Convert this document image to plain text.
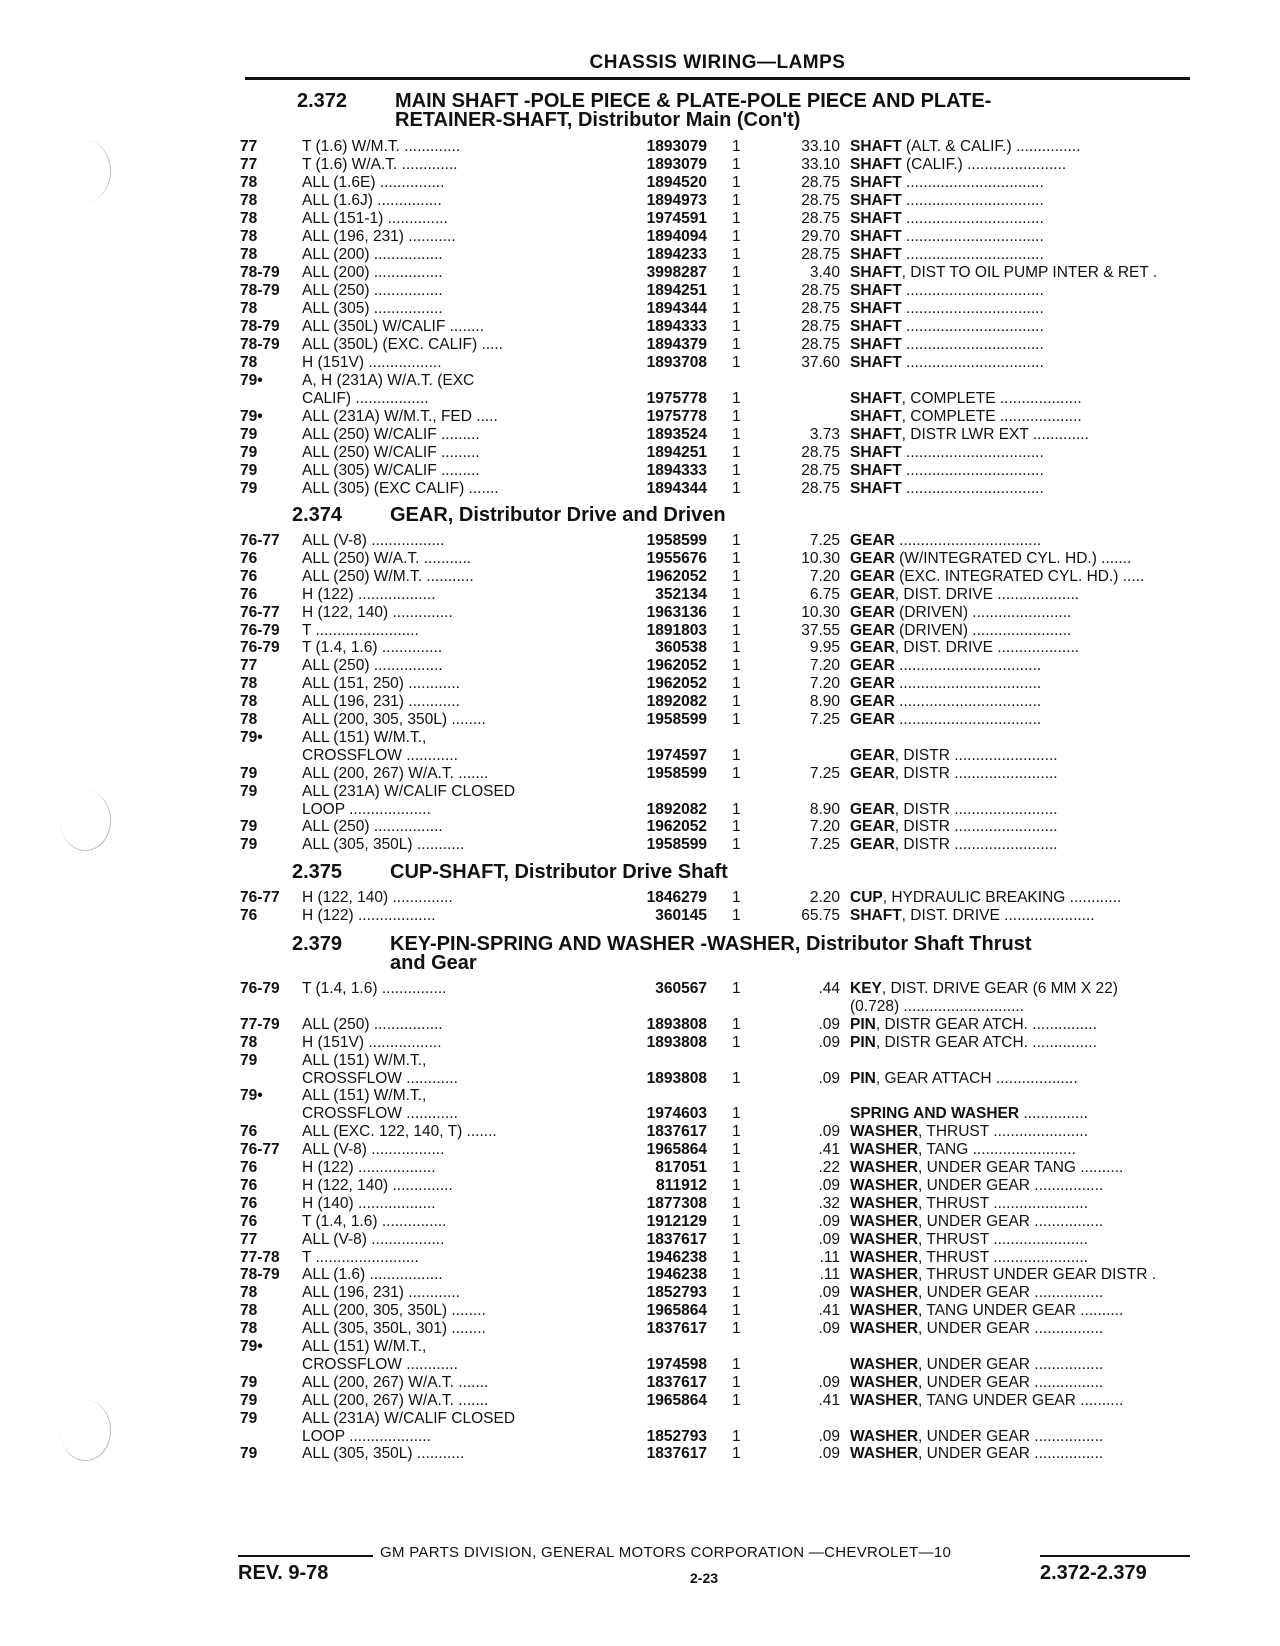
CHASSIS WIRING—LAMPS
2.372 MAIN SHAFT -POLE PIECE & PLATE-POLE PIECE AND PLATE-
RETAINER-SHAFT, Distributor Main (Con't)
77	T (1.6) W/M.T. .............	1893079 1	33.10 SHAFT (ALT. & CALIF.) ...............
77	T (1.6) W/A.T. .............	1893079 1	33.10 SHAFT (CALIF.) .......................
78	ALL (1.6E) ...............	1894520 1	28.75 SHAFT ................................
78	ALL (1.6J) ...............	1894973 1	28.75 SHAFT ................................
78	ALL (151-1) ..............	1974591 1	28.75 SHAFT ................................
78	ALL (196, 231) ...........	1894094 1	29.70 SHAFT ................................
78	ALL (200) ................	1894233 1	28.75 SHAFT ................................
78-79	ALL (200) ................	3998287 1	3.40 SHAFT, DIST TO OIL PUMP INTER & RET .
78-79	ALL (250) ................	1894251 1	28.75 SHAFT ................................
78	ALL (305) ................	1894344 1	28.75 SHAFT ................................
78-79	ALL (350L) W/CALIF ........	1894333 1	28.75 SHAFT ................................
78-79	ALL (350L) (EXC. CALIF) .....	1894379 1	28.75 SHAFT ................................
78	H (151V) .................	1893708 1	37.60 SHAFT ................................
79•	A, H (231A) W/A.T. (EXC
CALIF) .................	1975778 1	SHAFT, COMPLETE ...................
79•	ALL (231A) W/M.T., FED .....	1975778 1	SHAFT, COMPLETE ...................
79	ALL (250) W/CALIF .........	1893524 1	3.73 SHAFT, DISTR LWR EXT .............
79	ALL (250) W/CALIF .........	1894251 1	28.75 SHAFT ................................
79	ALL (305) W/CALIF .........	1894333 1	28.75 SHAFT ................................
79	ALL (305) (EXC CALIF) .......	1894344 1	28.75 SHAFT ................................
2.374 GEAR, Distributor Drive and Driven
76-77	ALL (V-8) .................	1958599 1	7.25 GEAR .................................
76	ALL (250) W/A.T. ...........	1955676 1	10.30 GEAR (W/INTEGRATED CYL. HD.) .......
76	ALL (250) W/M.T. ...........	1962052 1	7.20 GEAR (EXC. INTEGRATED CYL. HD.) .....
76	H (122) ..................	352134 1	6.75 GEAR, DIST. DRIVE ...................
76-77	H (122, 140) ..............	1963136 1	10.30 GEAR (DRIVEN) .......................
76-79	T ........................	1891803 1	37.55 GEAR (DRIVEN) .......................
76-79	T (1.4, 1.6) ..............	360538 1	9.95 GEAR, DIST. DRIVE ...................
77	ALL (250) ................	1962052 1	7.20 GEAR .................................
78	ALL (151, 250) ............	1962052 1	7.20 GEAR .................................
78	ALL (196, 231) ............	1892082 1	8.90 GEAR .................................
78	ALL (200, 305, 350L) ........	1958599 1	7.25 GEAR .................................
79•	ALL (151) W/M.T.,
CROSSFLOW ............	1974597 1	GEAR, DISTR ........................
79	ALL (200, 267) W/A.T. .......	1958599 1	7.25 GEAR, DISTR ........................
79	ALL (231A) W/CALIF CLOSED
LOOP ...................	1892082 1	8.90 GEAR, DISTR ........................
79	ALL (250) ................	1962052 1	7.20 GEAR, DISTR ........................
79	ALL (305, 350L) ...........	1958599 1	7.25 GEAR, DISTR ........................
2.375 CUP-SHAFT, Distributor Drive Shaft
76-77	H (122, 140) ..............	1846279 1	2.20 CUP, HYDRAULIC BREAKING ............
76	H (122) ..................	360145 1	65.75 SHAFT, DIST. DRIVE .....................
2.379 KEY-PIN-SPRING AND WASHER -WASHER, Distributor Shaft Thrust
and Gear
76-79	T (1.4, 1.6) ...............	360567 1	.44 KEY, DIST. DRIVE GEAR (6 MM X 22)
(0.728) ............................
77-79	ALL (250) ................	1893808 1	.09 PIN, DISTR GEAR ATCH. ...............
78	H (151V) .................	1893808 1	.09 PIN, DISTR GEAR ATCH. ...............
79	ALL (151) W/M.T.,
CROSSFLOW ............	1893808 1	.09 PIN, GEAR ATTACH ...................
79•	ALL (151) W/M.T.,
CROSSFLOW ............	1974603 1	SPRING AND WASHER ...............
76	ALL (EXC. 122, 140, T) .......	1837617 1	.09 WASHER, THRUST ......................
76-77	ALL (V-8) .................	1965864 1	.41 WASHER, TANG ........................
76	H (122) ..................	817051 1	.22 WASHER, UNDER GEAR TANG ..........
76	H (122, 140) ..............	811912 1	.09 WASHER, UNDER GEAR ................
76	H (140) ..................	1877308 1	.32 WASHER, THRUST ......................
76	T (1.4, 1.6) ...............	1912129 1	.09 WASHER, UNDER GEAR ................
77	ALL (V-8) .................	1837617 1	.09 WASHER, THRUST ......................
77-78	T ........................	1946238 1	.11 WASHER, THRUST ......................
78-79	ALL (1.6) .................	1946238 1	.11 WASHER, THRUST UNDER GEAR DISTR .
78	ALL (196, 231) ............	1852793 1	.09 WASHER, UNDER GEAR ................
78	ALL (200, 305, 350L) ........	1965864 1	.41 WASHER, TANG UNDER GEAR ..........
78	ALL (305, 350L, 301) ........	1837617 1	.09 WASHER, UNDER GEAR ................
79•	ALL (151) W/M.T.,
CROSSFLOW ............	1974598 1	WASHER, UNDER GEAR ................
79	ALL (200, 267) W/A.T. .......	1837617 1	.09 WASHER, UNDER GEAR ................
79	ALL (200, 267) W/A.T. .......	1965864 1	.41 WASHER, TANG UNDER GEAR ..........
79	ALL (231A) W/CALIF CLOSED
LOOP ...................	1852793 1	.09 WASHER, UNDER GEAR ................
79	ALL (305, 350L) ...........	1837617 1	.09 WASHER, UNDER GEAR ................
GM PARTS DIVISION, GENERAL MOTORS CORPORATION —CHEVROLET—10
REV. 9-78	2-23	2.372-2.379
